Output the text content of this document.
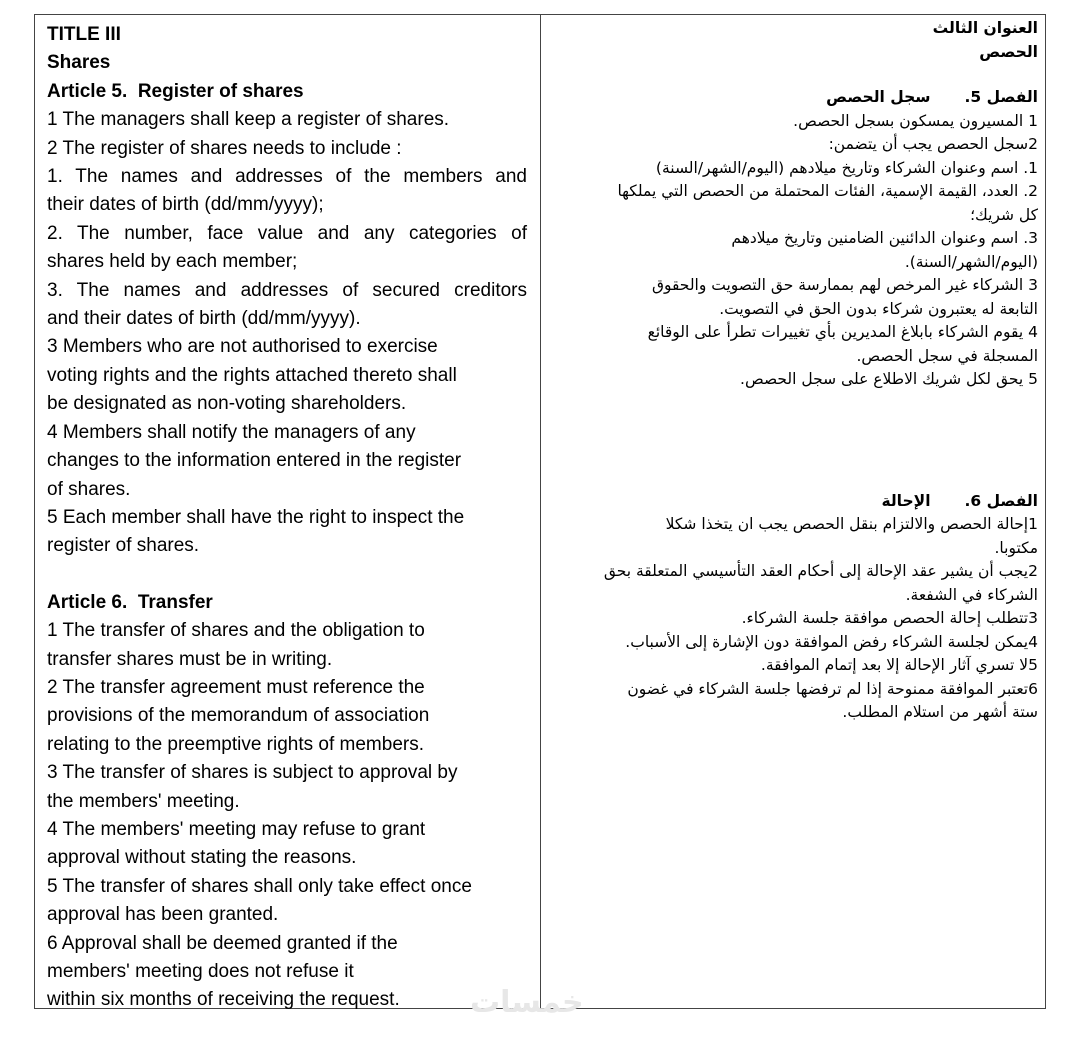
TITLE III
Shares
Article 5. Register of shares
1 The managers shall keep a register of shares.
2 The register of shares needs to include :
1. The names and addresses of the members and
their dates of birth (dd/mm/yyyy);
2. The number, face value and any categories of
shares held by each member;
3. The names and addresses of secured creditors
and their dates of birth (dd/mm/yyyy).
3 Members who are not authorised to exercise
voting rights and the rights attached thereto shall
be designated as non-voting shareholders.
4 Members shall notify the managers of any
changes to the information entered in the register
of shares.
5 Each member shall have the right to inspect the
register of shares.
Article 6. Transfer
1 The transfer of shares and the obligation to
transfer shares must be in writing.
2 The transfer agreement must reference the
provisions of the memorandum of association
relating to the preemptive rights of members.
3 The transfer of shares is subject to approval by
the members' meeting.
4 The members' meeting may refuse to grant
approval without stating the reasons.
5 The transfer of shares shall only take effect once
approval has been granted.
6 Approval shall be deemed granted if the
members' meeting does not refuse it
within six months of receiving the request.
العنوان الثالث
الحصص
الفصل 5.سجل الحصص
1 المسيرون يمسكون بسجل الحصص.
2سجل الحصص يجب أن يتضمن:
1. اسم وعنوان الشركاء وتاريخ ميلادهم (اليوم/الشهر/السنة)
2. العدد، القيمة الإسمية، الفئات المحتملة من الحصص التي يملكها
كل شريك؛
3. اسم وعنوان الدائنين الضامنين وتاريخ ميلادهم
(اليوم/الشهر/السنة).
3 الشركاء غير المرخص لهم بممارسة حق التصويت والحقوق
التابعة له يعتبرون شركاء بدون الحق في التصويت.
4 يقوم الشركاء بابلاغ المديرين بأي تغييرات تطرأ على الوقائع
المسجلة في سجل الحصص.
5 يحق لكل شريك الاطلاع على سجل الحصص.
الفصل 6.الإحالة
1إحالة الحصص والالتزام بنقل الحصص يجب ان يتخذا شكلا
مكتوبا.
2يجب أن يشير عقد الإحالة إلى أحكام العقد التأسيسي المتعلقة بحق
الشركاء في الشفعة.
3تتطلب إحالة الحصص موافقة جلسة الشركاء.
4يمكن لجلسة الشركاء رفض الموافقة دون الإشارة إلى الأسباب.
5لا تسري آثار الإحالة إلا بعد إتمام الموافقة.
6تعتبر الموافقة ممنوحة إذا لم ترفضها جلسة الشركاء في غضون
ستة أشهر من استلام المطلب.
خمسات
